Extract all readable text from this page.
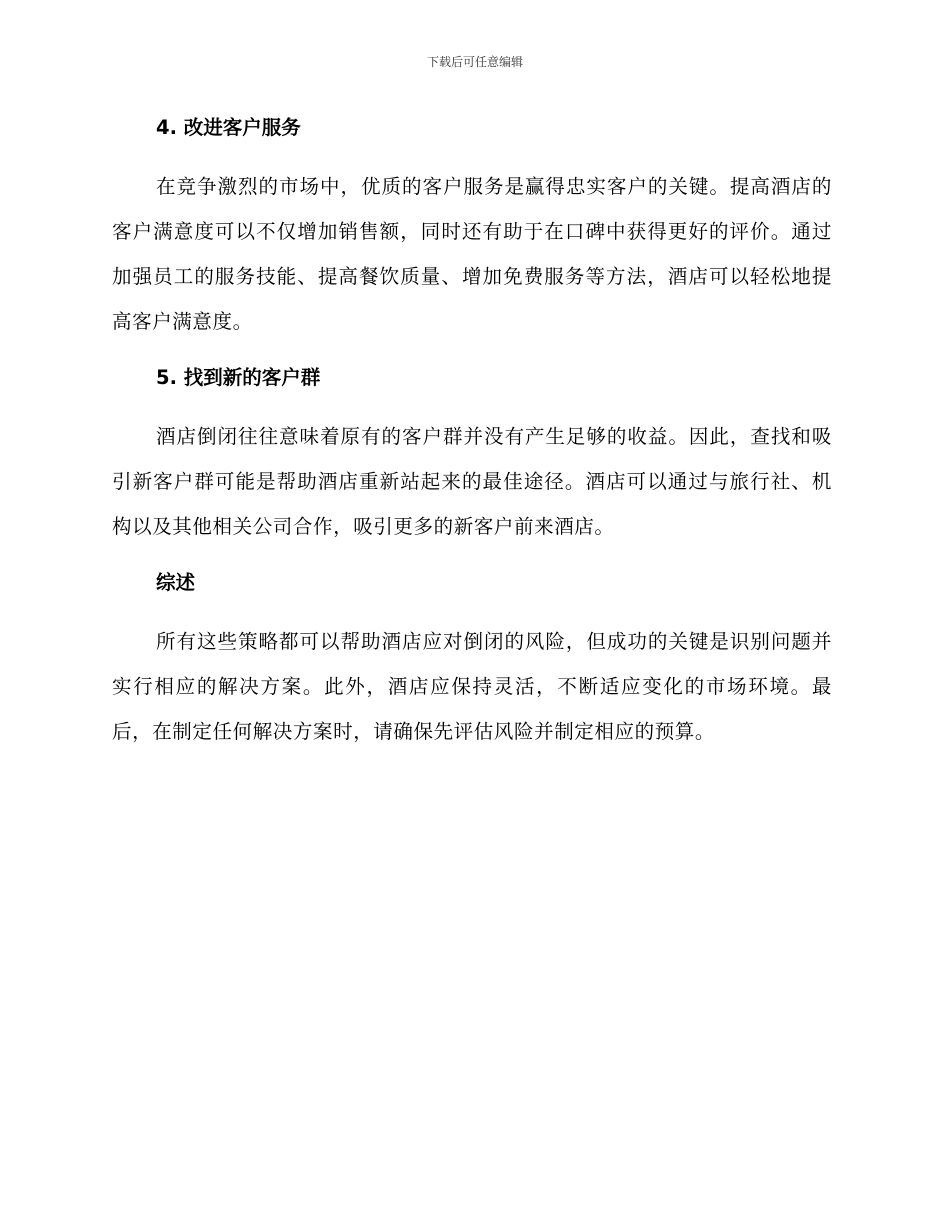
下载后可任意编辑
4. 改进客户服务

在竞争激烈的市场中，优质的客户服务是赢得忠实客户的关键。提高酒店的客户满意度可以不仅增加销售额，同时还有助于在口碑中获得更好的评价。通过加强员工的服务技能、提高餐饮质量、增加免费服务等方法，酒店可以轻松地提高客户满意度。

5. 找到新的客户群

酒店倒闭往往意味着原有的客户群并没有产生足够的收益。因此，查找和吸引新客户群可能是帮助酒店重新站起来的最佳途径。酒店可以通过与旅行社、机构以及其他相关公司合作，吸引更多的新客户前来酒店。

综述

所有这些策略都可以帮助酒店应对倒闭的风险，但成功的关键是识别问题并实行相应的解决方案。此外，酒店应保持灵活，不断适应变化的市场环境。最后，在制定任何解决方案时，请确保先评估风险并制定相应的预算。
